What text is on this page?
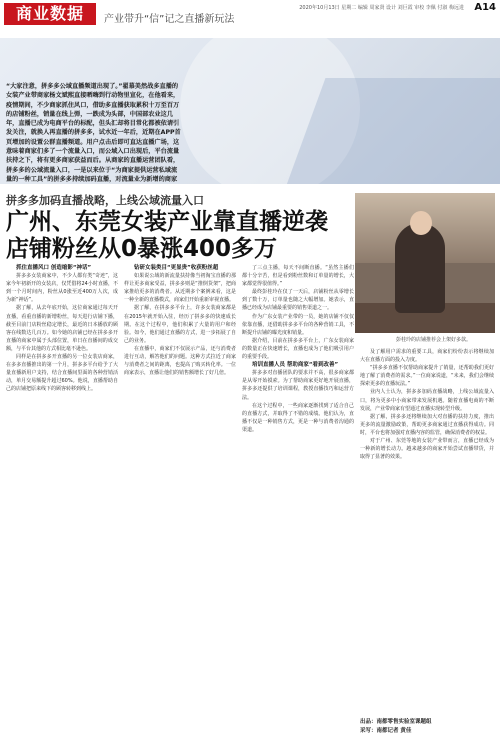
商业数据	产业带升“信”记之直播新玩法
2020年10月13日 星期二 编辑 周家贤 设计 刘巨霞 审校 李佩 付淑 梅远进 A14
“大家注意，拼多多公域直播频道出现了。”翟慕美然战多直播的女装产业带商家杨文斌熙直接晒嗨到行动物里宣化，在他看来，疫情期间，不少商家抓住风口，借助多直播获取累积十万至百万的店铺粉丝，销量在线上弹，一跌成为头部，中国部农业这几年，直播已成为电商平台的标配，但头汇却将目常化都被依请引发关注，就换人再直播的拼多多，试水近一年后，近期在APP首页增加的设置公群直播频道。用户点击后即可直达直播广场，这意味着商家们多了一个流量入口，而公域入口出现后，平台流量扶持之下，将有更多商家获益而后。从商家的直播运营团队看，拼多多的公域流量入口，一是以来位于“为商家提供运营私域流量的一种工具”的拼多多持续加码直播，对流量业为新增的商家
拼多多加码直播战略，上线公域流量入口
广州、东莞女装产业靠直播逆袭店铺粉丝从0暴涨400多万
彭桂玲的店铺推荐会上架好多款。

抓住直播风口 创造缩影“神话”

拼多多女装商家中，不少人都有类“奇迹”，这家今年初新开的女装店，仅凭借将24小时直播，不到一个月时间内，粉丝从0涨至近400万人次，成为新“神话”。

据了解，从去年底开始，这位商家通过每天开直播，看重直播的新增粉丝，每天进行店铺下播，截至目前门店粉丝稳定增长，最近的日本播放的顾客在线数达几百万。如今她的店铺已经在拼多多开直播的商家中属于头部位置，单日在直播间的成交额，与平台其他的方式相比毫不逊色。

同样是在拼多多开直播的另一位女装店商家，在多多直播推出的第一个月，拼多多平台给予了大量直播新用户支持，结合直播间里面的各种营销活动，单月交易额提升超过60%。他说，直播帮助自己的店铺把原来线下的顾客转移到线上。

钻研女装类目“更显贵”收获粉丝超

如果说公域的新流量扶持像当初淘宝直播的那样让更多商家受益，拼多多则是“推倒货架”，把商家推给更多的消费者。从近期多个案例来看，这是一种全新的直播模式，商家们开始重新审视直播。

据了解，在拼多多平台上，许多女装商家都是在2015年就开始入驻，经历了拼多多的快速成长期。在这个过程中，他们积累了大量的用户和经验。如今，他们通过直播的方式，进一步拓展了自己的业务。

在直播中，商家们不仅展示产品，还与消费者进行互动，解答他们的问题。这种方式拉近了商家与消费者之间的距离，也提高了购买转化率。一位商家表示，直播让他们的销售额增长了好几倍。

了三点主播，每天不间断直播。“虽然主播们都十分辛苦，但是看到粉丝数和订单量的增长，大家都觉得很值得。”

最终彭桂玲在仅了一天后，店铺粉丝从零增长到了数十万，订单量也随之大幅增加。她表示，直播已经成为店铺最重要的销售渠道之一。

作为广东女装产业带的一员，她的店铺不仅仅依靠直播，还借助拼多多平台的各种营销工具，不断提升店铺的曝光度和销量。

据介绍，目前在拼多多平台上，广东女装商家的数量正在快速增长，直播也成为了他们吸引用户的重要手段。

培训直播人员 帮助商家“看到改善”

拼多多对直播团队的要求并不高，很多商家都是从零开始摸索。为了帮助商家更好地开展直播，拼多多还提供了培训课程，教授直播技巧和运营方法。

在这个过程中，一些商家逐渐找到了适合自己的直播方式，并取得了不错的成绩。他们认为，直播不仅是一种销售方式，更是一种与消费者沟通的渠道。

及了解用户需求的重要工具，商家们纷纷表示将继续加大在直播方面的投入力度。

“拼多多直播不仅帮助商家提升了销量，还帮助我们更好地了解了消费者的需求。”一位商家说道，“未来，我们会继续探索更多的直播玩法。”

业内人士认为，拼多多加码直播战略，上线公域流量入口，将为更多中小商家带来发展机遇。随着直播电商的不断发展，产业带商家有望通过直播实现转型升级。

据了解，拼多多还将继续加大对直播的扶持力度，推出更多的流量激励政策，帮助更多商家通过直播获得成功。同时，平台也将加强对直播内容的监管，确保消费者的权益。

对于广州、东莞等地的女装产业带而言，直播已经成为一种新的增长动力。越来越多的商家开始尝试直播带货，并取得了显著的效果。

出品：南都零售实验室课题组
采写：南都记者 黄佳
